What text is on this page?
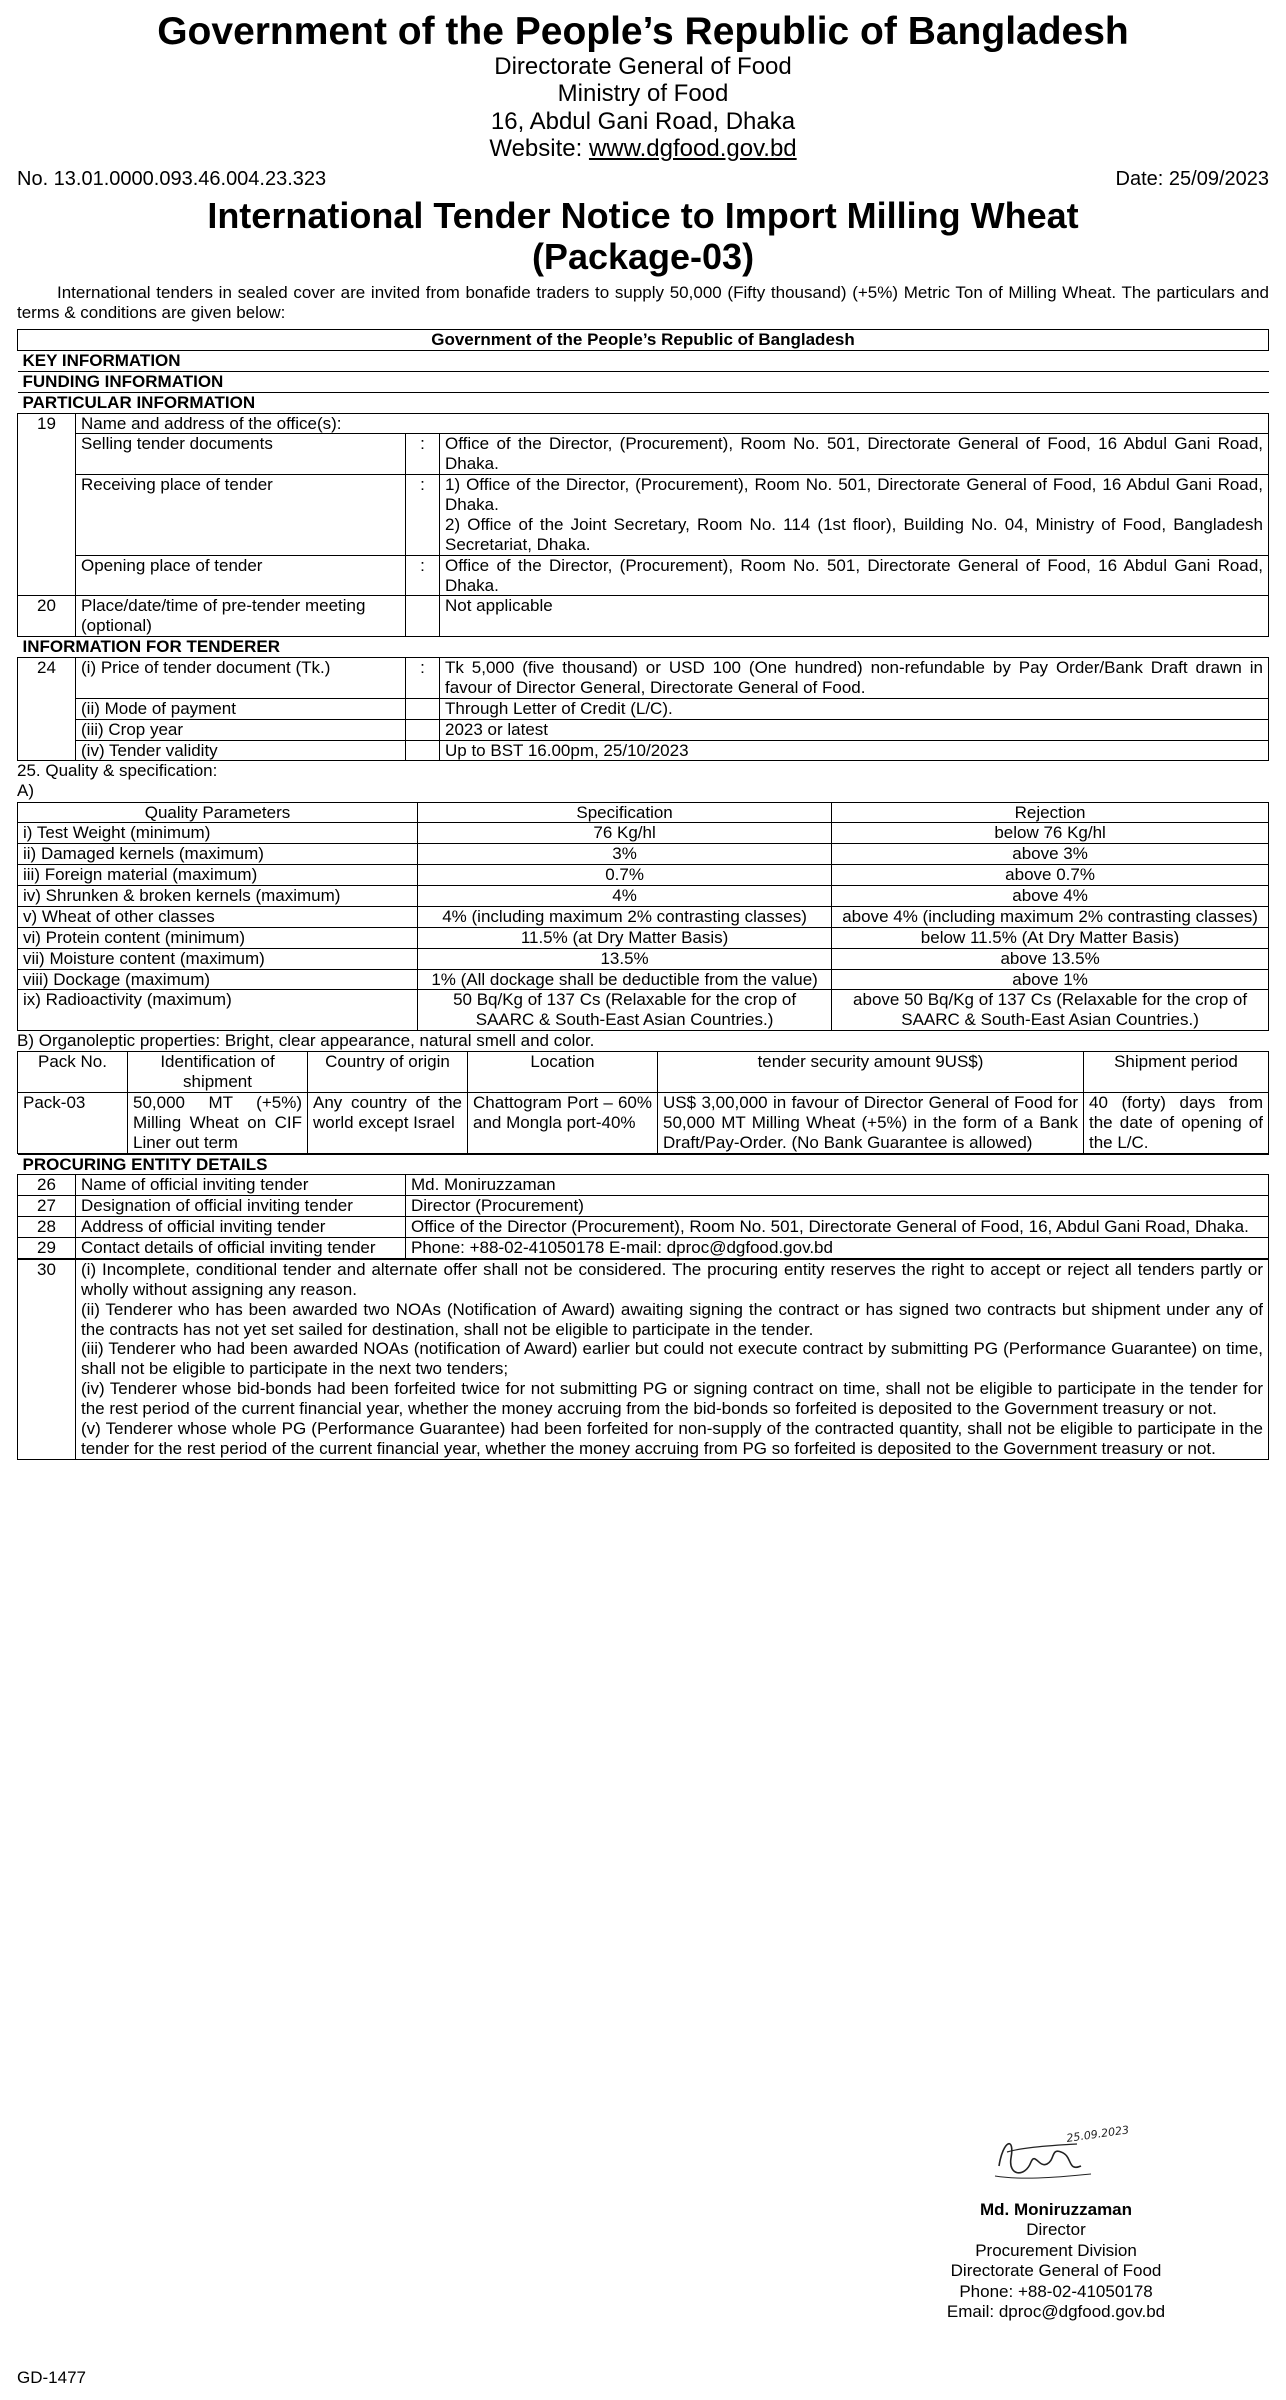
Government of the People’s Republic of Bangladesh
Directorate General of Food
Ministry of Food
16, Abdul Gani Road, Dhaka
Website: www.dgfood.gov.bd
No. 13.01.0000.093.46.004.23.323	Date: 25/09/2023
International Tender Notice to Import Milling Wheat
(Package-03)

International tenders in sealed cover are invited from bonafide traders to supply 50,000 (Fifty thousand) (+5%) Metric Ton of Milling Wheat. The particulars and terms & conditions are given below:

Government of the People’s Republic of Bangladesh			
KEY INFORMATION			
FUNDING INFORMATION			
PARTICULAR INFORMATION			
19	Name and address of the office(s):		
	Selling tender documents	:	Office of the Director, (Procurement), Room No. 501, Directorate General of Food, 16 Abdul Gani Road, Dhaka.
	Receiving place of tender	:	1) Office of the Director, (Procurement), Room No. 501, Directorate General of Food, 16 Abdul Gani Road, Dhaka.
2) Office of the Joint Secretary, Room No. 114 (1st floor), Building No. 04, Ministry of Food, Bangladesh Secretariat, Dhaka.

	Opening place of tender	:	Office of the Director, (Procurement), Room No. 501, Directorate General of Food, 16 Abdul Gani Road, Dhaka.
20	Place/date/time of pre-tender meeting (optional)		Not applicable
INFORMATION FOR TENDERER			
24	(i) Price of tender document (Tk.)	:	Tk 5,000 (five thousand) or USD 100 (One hundred) non-refundable by Pay Order/Bank Draft drawn in favour of Director General, Directorate General of Food.
	(ii) Mode of payment		Through Letter of Credit (L/C).
	(iii) Crop year		2023 or latest
	(iv) Tender validity		Up to BST 16.00pm, 25/10/2023
25. Quality & specification:
A)
Quality Parameters	Specification	Rejection
i) Test Weight (minimum)	76 Kg/hl	below 76 Kg/hl
ii) Damaged kernels (maximum)	3%	above 3%
iii) Foreign material (maximum)	0.7%	above 0.7%
iv) Shrunken & broken kernels (maximum)	4%	above 4%
v) Wheat of other classes	4% (including maximum 2% contrasting classes)	above 4% (including maximum 2% contrasting classes)
vi) Protein content (minimum)	11.5% (at Dry Matter Basis)	below 11.5% (At Dry Matter Basis)
vii) Moisture content (maximum)	13.5%	above 13.5%
viii) Dockage (maximum)	1% (All dockage shall be deductible from the value)	above 1%
ix) Radioactivity (maximum)	50 Bq/Kg of 137 Cs (Relaxable for the crop of SAARC & South-East Asian Countries.)	above 50 Bq/Kg of 137 Cs (Relaxable for the crop of SAARC & South-East Asian Countries.)
B) Organoleptic properties: Bright, clear appearance, natural smell and color.
Pack No.	Identification of shipment	Country of origin	Location	tender security amount 9US$)	Shipment period
Pack-03	50,000 MT (+5%) Milling Wheat on CIF Liner out term	Any country of the world except Israel	Chattogram Port – 60% and Mongla port-40%	US$ 3,00,000 in favour of Director General of Food for 50,000 MT Milling Wheat (+5%) in the form of a Bank Draft/Pay-Order. (No Bank Guarantee is allowed)	40 (forty) days from the date of opening of the L/C.
PROCURING ENTITY DETAILS		
26	Name of official inviting tender	Md. Moniruzzaman
27	Designation of official inviting tender	Director (Procurement)
28	Address of official inviting tender	Office of the Director (Procurement), Room No. 501, Directorate General of Food, 16, Abdul Gani Road, Dhaka.
29	Contact details of official inviting tender	Phone: +88-02-41050178 E-mail: dproc@dgfood.gov.bd
30	(i) Incomplete, conditional tender and alternate offer shall not be considered. The procuring entity reserves the right to accept or reject all tenders partly or wholly without assigning any reason.

(ii) Tenderer who has been awarded two NOAs (Notification of Award) awaiting signing the contract or has signed two contracts but shipment under any of the contracts has not yet set sailed for destination, shall not be eligible to participate in the tender.

(iii) Tenderer who had been awarded NOAs (notification of Award) earlier but could not execute contract by submitting PG (Performance Guarantee) on time, shall not be eligible to participate in the next two tenders;

(iv) Tenderer whose bid-bonds had been forfeited twice for not submitting PG or signing contract on time, shall not be eligible to participate in the tender for the rest period of the current financial year, whether the money accruing from the bid-bonds so forfeited is deposited to the Government treasury or not.

(v) Tenderer whose whole PG (Performance Guarantee) had been forfeited for non-supply of the contracted quantity, shall not be eligible to participate in the tender for the rest period of the current financial year, whether the money accruing from PG so forfeited is deposited to the Government treasury or not.

25.09.2023
Md. Moniruzzaman
Director
Procurement Division
Directorate General of Food
Phone: +88-02-41050178
Email: dproc@dgfood.gov.bd
GD-1477
